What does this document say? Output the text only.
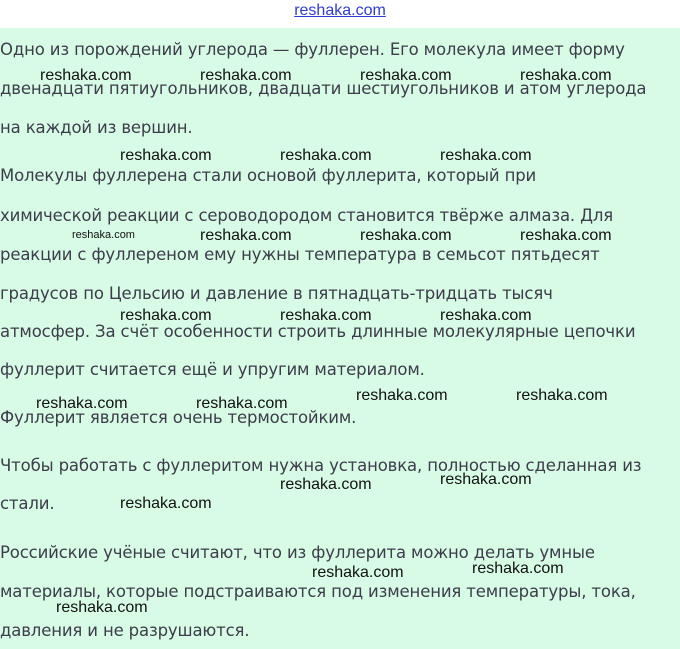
reshaka.com
Одно из порождений углерода — фуллерен. Его молекула имеет форму
двенадцати пятиугольников, двадцати шестиугольников и атом углерода
на каждой из вершин.
Молекулы фуллерена стали основой фуллерита, который при
химической реакции с сероводородом становится твёрже алмаза. Для
реакции с фуллереном ему нужны температура в семьсот пятьдесят
градусов по Цельсию и давление в пятнадцать-тридцать тысяч
атмосфер. За счёт особенности строить длинные молекулярные цепочки
фуллерит считается ещё и упругим материалом.
Фуллерит является очень термостойким.
Чтобы работать с фуллеритом нужна установка, полностью сделанная из
стали.
Российские учёные считают, что из фуллерита можно делать умные
материалы, которые подстраиваются под изменения температуры, тока,
давления и не разрушаются.
reshaka.com	reshaka.com	reshaka.com	reshaka.com
reshaka.com	reshaka.com	reshaka.com
reshaka.com	reshaka.com	reshaka.com	reshaka.com
reshaka.com	reshaka.com	reshaka.com
reshaka.com	reshaka.com	reshaka.com	reshaka.com
reshaka.com	reshaka.com
reshaka.com
reshaka.com	reshaka.com
reshaka.com
